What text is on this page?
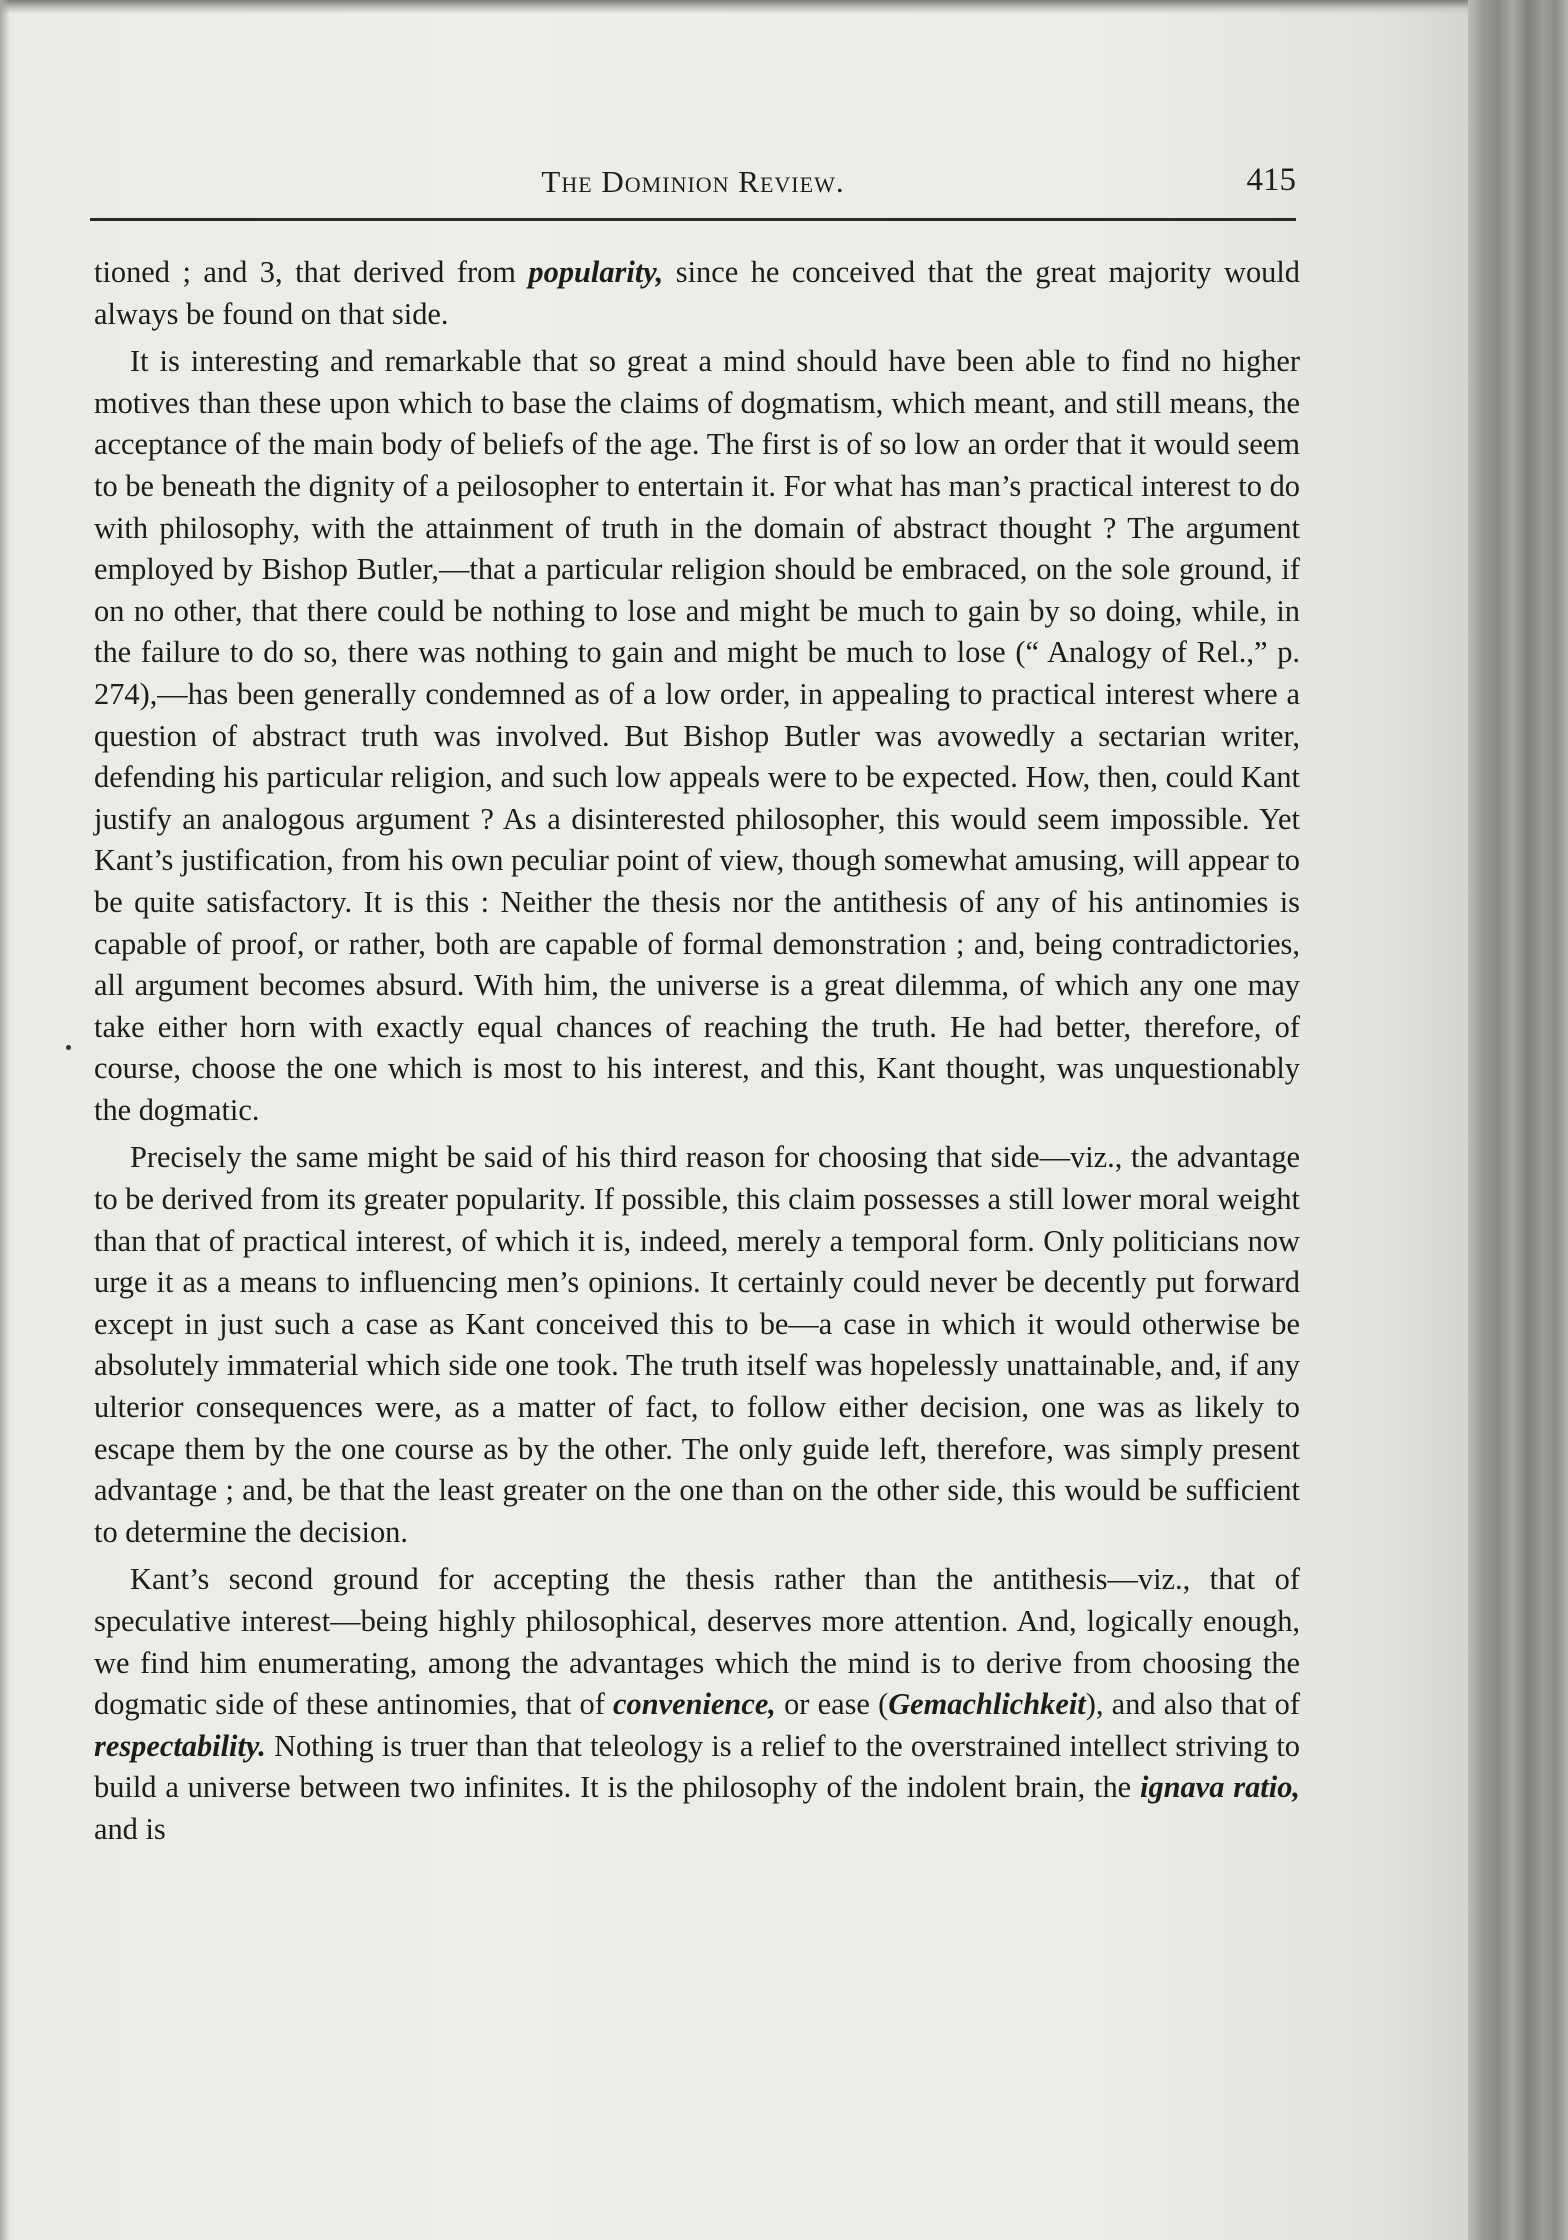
The Dominion Review.	415

tioned ; and 3, that derived from popularity, since he conceived that the great majority would always be found on that side.

It is interesting and remarkable that so great a mind should have been able to find no higher motives than these upon which to base the claims of dogmatism, which meant, and still means, the acceptance of the main body of beliefs of the age. The first is of so low an order that it would seem to be beneath the dignity of a peilosopher to entertain it. For what has man’s practical interest to do with philosophy, with the attainment of truth in the domain of abstract thought ? The argument employed by Bishop Butler,—that a particular religion should be embraced, on the sole ground, if on no other, that there could be nothing to lose and might be much to gain by so doing, while, in the failure to do so, there was nothing to gain and might be much to lose (“ Analogy of Rel.,” p. 274),—has been generally condemned as of a low order, in appealing to practical interest where a question of abstract truth was involved. But Bishop Butler was avowedly a sectarian writer, defending his particular religion, and such low appeals were to be expected. How, then, could Kant justify an analogous argument ? As a disinterested philosopher, this would seem impossible. Yet Kant’s justification, from his own peculiar point of view, though somewhat amusing, will appear to be quite satisfactory. It is this : Neither the thesis nor the antithesis of any of his antinomies is capable of proof, or rather, both are capable of formal demonstration ; and, being contradictories, all argument becomes absurd. With him, the universe is a great dilemma, of which any one may take either horn with exactly equal chances of reaching the truth. He had better, therefore, of course, choose the one which is most to his interest, and this, Kant thought, was unquestionably the dogmatic.

Precisely the same might be said of his third reason for choosing that side—viz., the advantage to be derived from its greater popularity. If possible, this claim possesses a still lower moral weight than that of practical interest, of which it is, indeed, merely a temporal form. Only politicians now urge it as a means to influencing men’s opinions. It certainly could never be decently put forward except in just such a case as Kant conceived this to be—a case in which it would otherwise be absolutely immaterial which side one took. The truth itself was hopelessly unattainable, and, if any ulterior consequences were, as a matter of fact, to follow either decision, one was as likely to escape them by the one course as by the other. The only guide left, therefore, was simply present advantage ; and, be that the least greater on the one than on the other side, this would be sufficient to determine the decision.

Kant’s second ground for accepting the thesis rather than the antithesis—viz., that of speculative interest—being highly philosophical, deserves more attention. And, logically enough, we find him enumerating, among the advantages which the mind is to derive from choosing the dogmatic side of these antinomies, that of convenience, or ease (Gemachlichkeit), and also that of respectability. Nothing is truer than that teleology is a relief to the overstrained intellect striving to build a universe between two infinites. It is the philosophy of the indolent brain, the ignava ratio, and is
